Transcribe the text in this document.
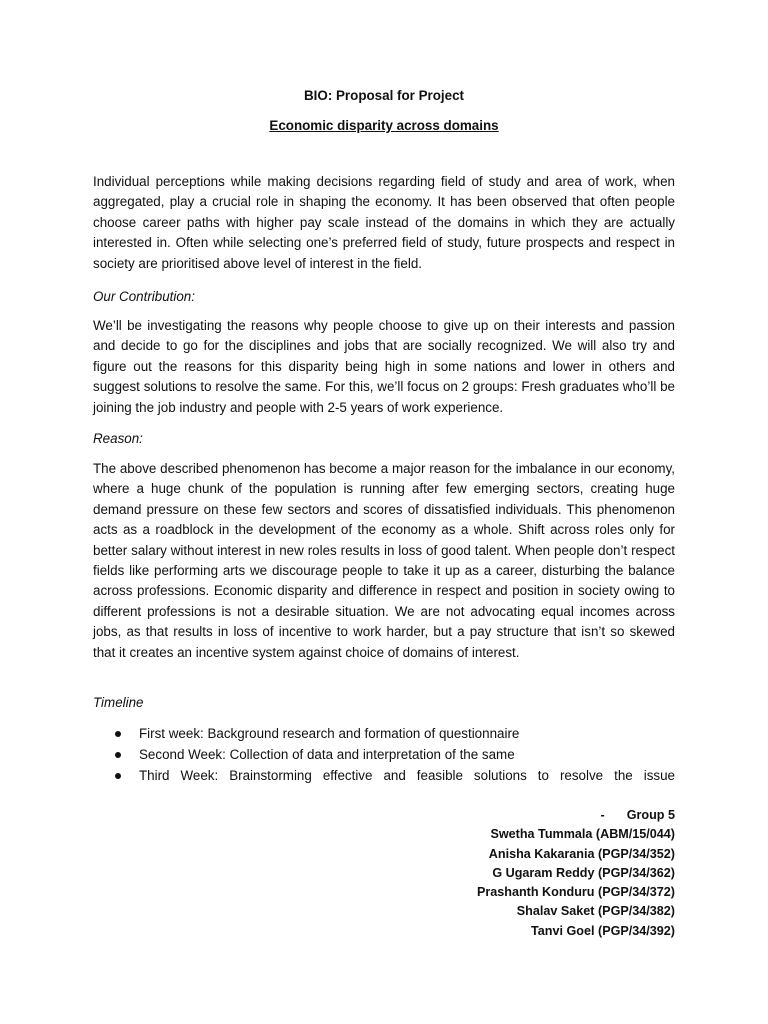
BIO: Proposal for Project
Economic disparity across domains

Individual perceptions while making decisions regarding field of study and area of work, when aggregated, play a crucial role in shaping the economy. It has been observed that often people choose career paths with higher pay scale instead of the domains in which they are actually interested in. Often while selecting one’s preferred field of study, future prospects and respect in society are prioritised above level of interest in the field.

Our Contribution:

We’ll be investigating the reasons why people choose to give up on their interests and passion and decide to go for the disciplines and jobs that are socially recognized. We will also try and figure out the reasons for this disparity being high in some nations and lower in others and suggest solutions to resolve the same. For this, we’ll focus on 2 groups: Fresh graduates who’ll be joining the job industry and people with 2-5 years of work experience.

Reason:

The above described phenomenon has become a major reason for the imbalance in our economy, where a huge chunk of the population is running after few emerging sectors, creating huge demand pressure on these few sectors and scores of dissatisfied individuals. This phenomenon acts as a roadblock in the development of the economy as a whole. Shift across roles only for better salary without interest in new roles results in loss of good talent. When people don’t respect fields like performing arts we discourage people to take it up as a career, disturbing the balance across professions. Economic disparity and difference in respect and position in society owing to different professions is not a desirable situation. We are not advocating equal incomes across jobs, as that results in loss of incentive to work harder, but a pay structure that isn’t so skewed that it creates an incentive system against choice of domains of interest.

Timeline
First week: Background research and formation of questionnaire
Second Week: Collection of data and interpretation of the same
Third Week: Brainstorming effective and feasible solutions to resolve the issue
- Group 5
Swetha Tummala (ABM/15/044)
Anisha Kakarania (PGP/34/352)
G Ugaram Reddy (PGP/34/362)
Prashanth Konduru (PGP/34/372)
Shalav Saket (PGP/34/382)
Tanvi Goel (PGP/34/392)
